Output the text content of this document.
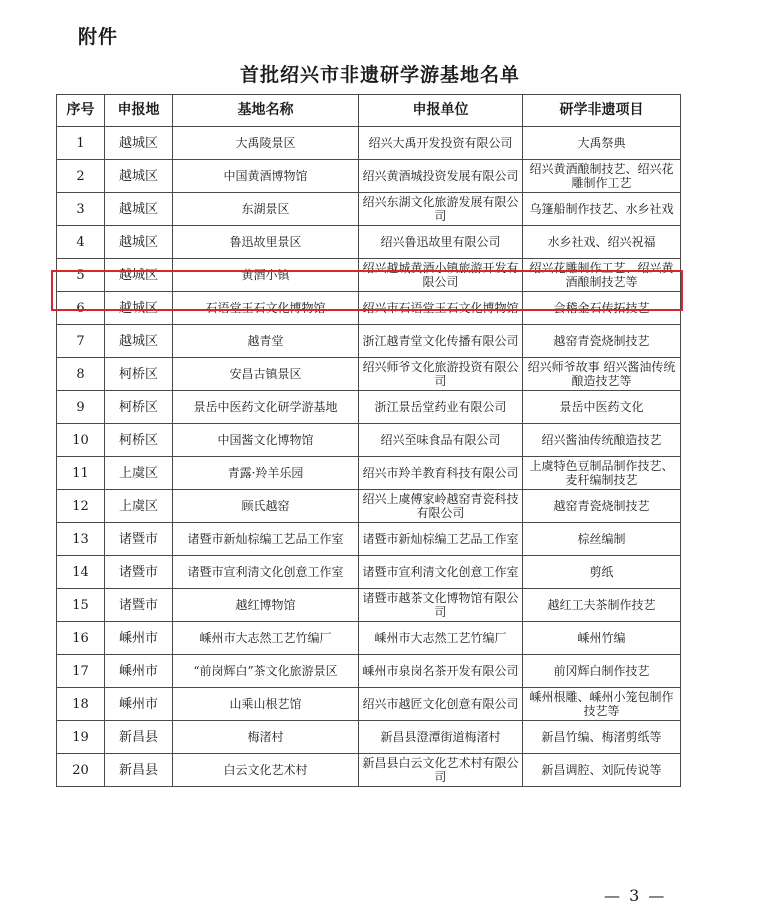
附件
首批绍兴市非遗研学游基地名单
序号	申报地	基地名称	申报单位	研学非遗项目
1	越城区	大禹陵景区	绍兴大禹开发投资有限公司	大禹祭典
2	越城区	中国黄酒博物馆	绍兴黄酒城投资发展有限公司	绍兴黄酒酿制技艺、绍兴花雕制作工艺
3	越城区	东湖景区	绍兴东湖文化旅游发展有限公司	乌篷船制作技艺、水乡社戏
4	越城区	鲁迅故里景区	绍兴鲁迅故里有限公司	水乡社戏、绍兴祝福
5	越城区	黄酒小镇	绍兴越城黄酒小镇旅游开发有限公司	绍兴花雕制作工艺、绍兴黄酒酿制技艺等
6	越城区	石语堂玉石文化博物馆	绍兴市石语堂玉石文化博物馆	会稽金石传拓技艺
7	越城区	越青堂	浙江越青堂文化传播有限公司	越窑青瓷烧制技艺
8	柯桥区	安昌古镇景区	绍兴师爷文化旅游投资有限公司	绍兴师爷故事 绍兴酱油传统酿造技艺等
9	柯桥区	景岳中医药文化研学游基地	浙江景岳堂药业有限公司	景岳中医药文化
10	柯桥区	中国酱文化博物馆	绍兴至味食品有限公司	绍兴酱油传统酿造技艺
11	上虞区	青露·羚羊乐园	绍兴市羚羊教育科技有限公司	上虞特色豆制品制作技艺、麦秆编制技艺
12	上虞区	顾氏越窑	绍兴上虞傅家岭越窑青瓷科技有限公司	越窑青瓷烧制技艺
13	诸暨市	诸暨市新灿棕编工艺品工作室	诸暨市新灿棕编工艺品工作室	棕丝编制
14	诸暨市	诸暨市宣利清文化创意工作室	诸暨市宣利清文化创意工作室	剪纸
15	诸暨市	越红博物馆	诸暨市越茶文化博物馆有限公司	越红工夫茶制作技艺
16	嵊州市	嵊州市大志然工艺竹编厂	嵊州市大志然工艺竹编厂	嵊州竹编
17	嵊州市	“前岗辉白”茶文化旅游景区	嵊州市泉岗名茶开发有限公司	前冈辉白制作技艺
18	嵊州市	山乘山根艺馆	绍兴市越匠文化创意有限公司	嵊州根雕、嵊州小笼包制作技艺等
19	新昌县	梅渚村	新昌县澄潭街道梅渚村	新昌竹编、梅渚剪纸等
20	新昌县	白云文化艺术村	新昌县白云文化艺术村有限公司	新昌调腔、刘阮传说等
— 3 —
